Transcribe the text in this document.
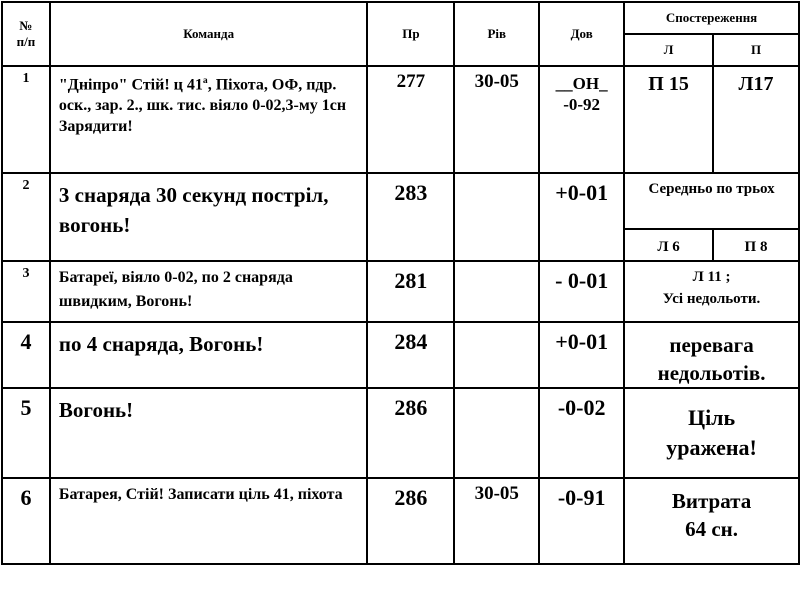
№
п/п	Команда	Пр	Рів	Дов	Спостереження	
					Л	П
1	"Дніпро" Стій! ц $41^а$, Піхота, ОФ, пдр. оск., зар. 2., шк. тис. віяло 0-02,3-му 1сн Зарядити!	277	30-05	__ОН_
-0-92	П 15	Л17
2	3 снаряда 30 секунд постріл, вогонь!	283		+0-01	Середньо по трьох	
					Л 6	П 8
3	Батареї, віяло 0-02, по 2 снаряда швидким, Вогонь!	281		- 0-01	Л 11 ;
Усі недольоти.	

4	по 4 снаряда, Вогонь!	284		+0-01	перевага
недольотів.	

5	Вогонь!	286		-0-02	Ціль
уражена!	

6	Батарея, Стій! Записати ціль 41, піхота	286	30-05	-0-91	Витрата
64 сн.	
